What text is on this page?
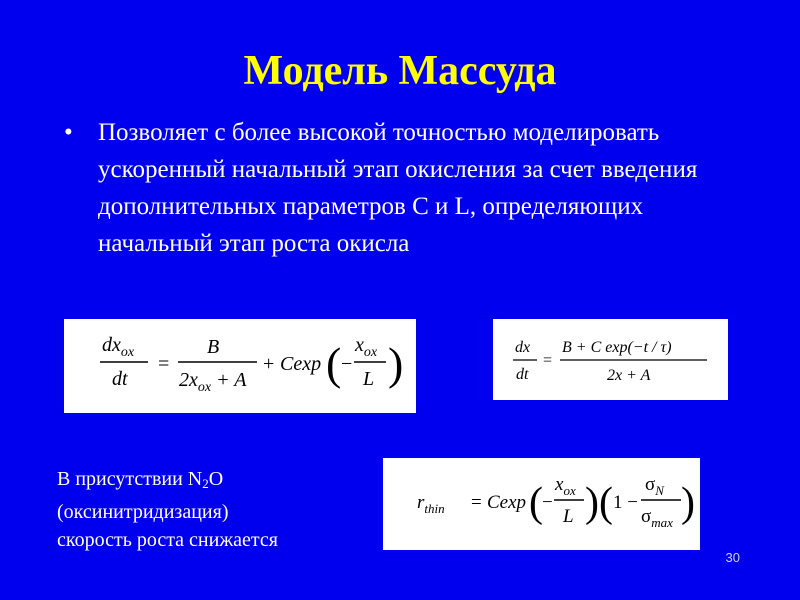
Модель Массуда
•	Позволяет с более высокой точностью моделировать ускоренный начальный этап окисления за счет введения дополнительных параметров С и L, определяющих начальный этап роста окисла
$dx_{ox}$
dt
=
B
$2x_{ox} + A$
+ Cexp ( −
$x_{ox}$
L )	dx
dt
=
B + C exp(−t / τ)
2x + A
В присутствии $N_2O$
(оксинитридизация)
скорость роста снижается
$r_{thin} = Cexp$ ( −
$x_{ox}$
L ) ( 1 −
$\sigma_N$
$\sigma_{max}$ )
30
